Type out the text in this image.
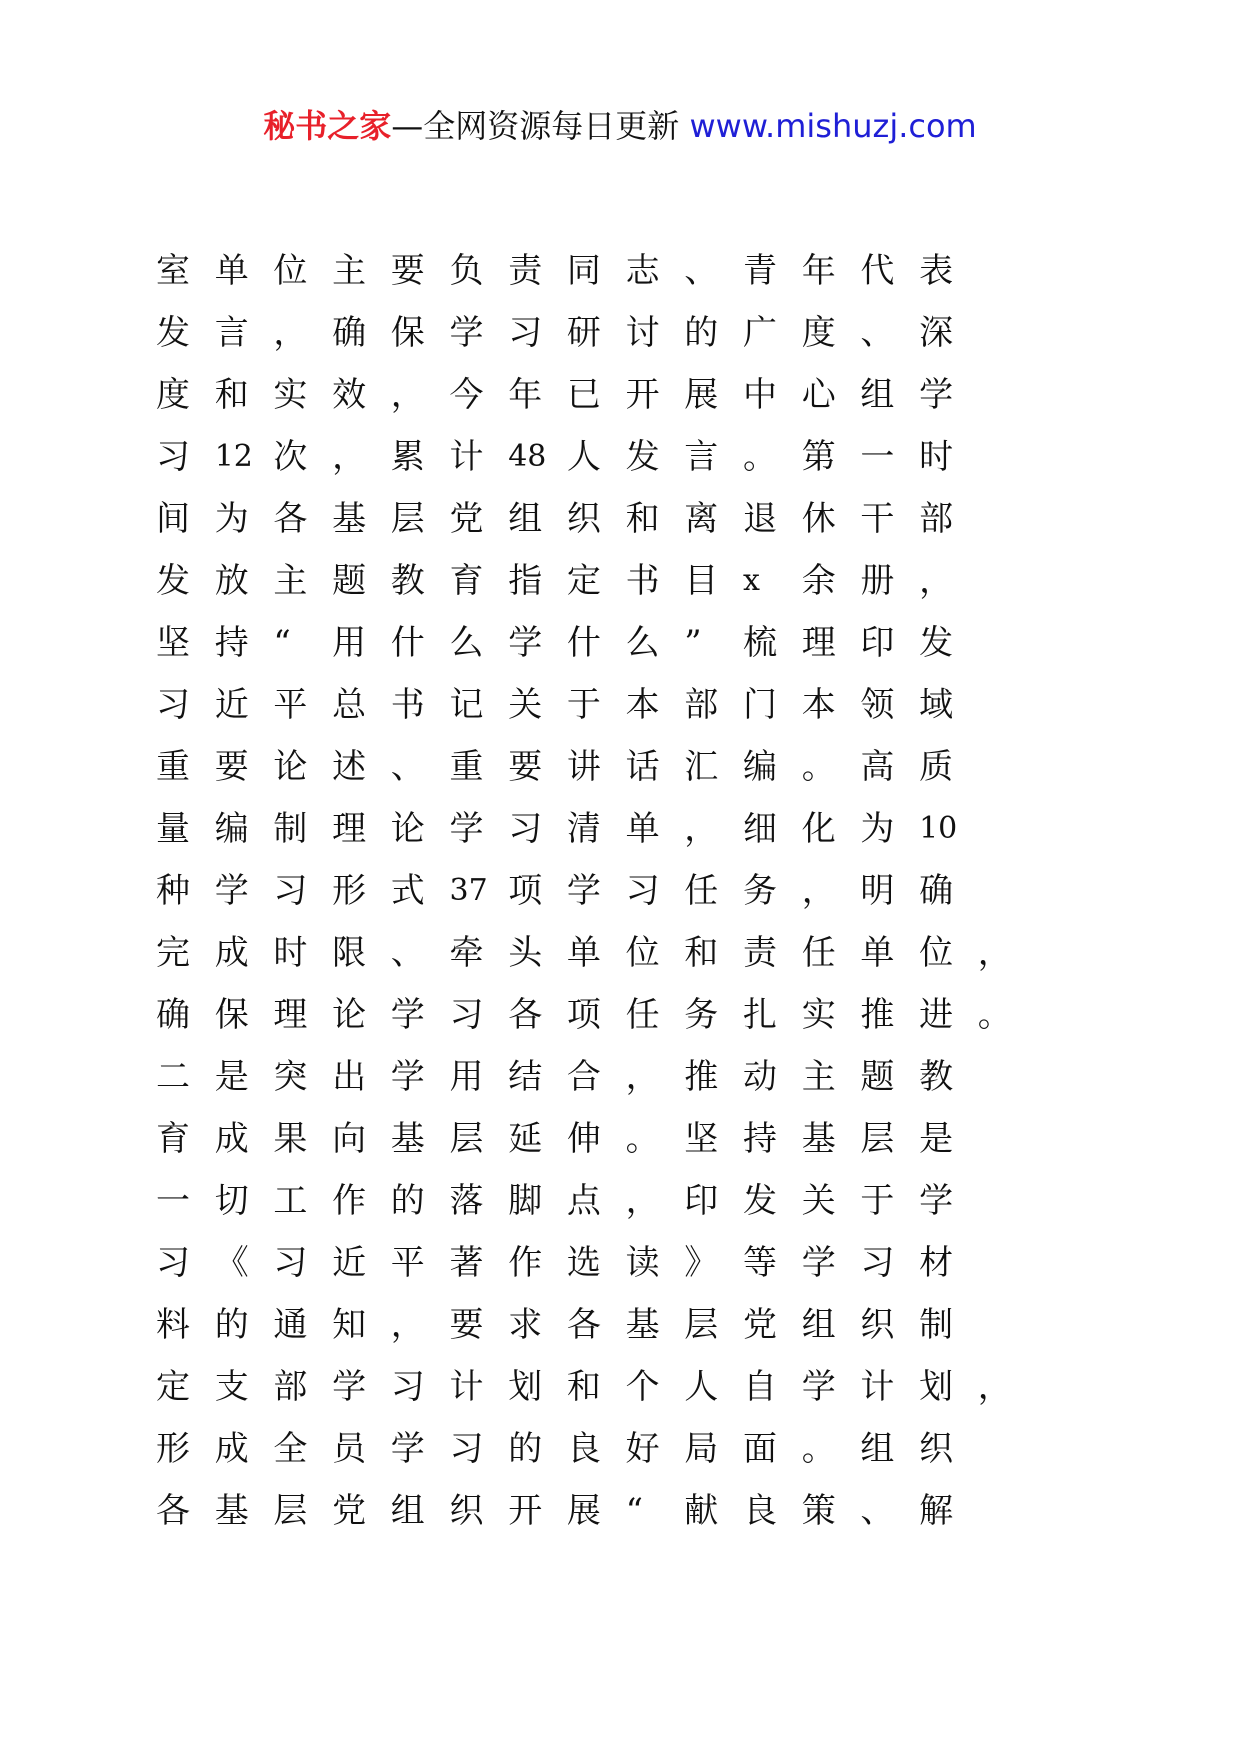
秘书之家—全网资源每日更新 www.mishuzj.com
室 单 位 主 要 负 责 同 志 、 青 年 代 表
发 言 ， 确 保 学 习 研 讨 的 广 度 、 深
度 和 实 效 ， 今 年 已 开 展 中 心 组 学
习 12 次 ， 累 计 48 人 发 言 。 第 一 时
间 为 各 基 层 党 组 织 和 离 退 休 干 部
发 放 主 题 教 育 指 定 书 目 x 余 册 ，
坚 持 “ 用 什 么 学 什 么 ” 梳 理 印 发
习 近 平 总 书 记 关 于 本 部 门 本 领 域
重 要 论 述 、 重 要 讲 话 汇 编 。 高 质
量 编 制 理 论 学 习 清 单 ， 细 化 为 10
种 学 习 形 式 37 项 学 习 任 务 ， 明 确
完 成 时 限 、 牵 头 单 位 和 责 任 单 位 ，
确 保 理 论 学 习 各 项 任 务 扎 实 推 进 。
二 是 突 出 学 用 结 合 ， 推 动 主 题 教
育 成 果 向 基 层 延 伸 。 坚 持 基 层 是
一 切 工 作 的 落 脚 点 ， 印 发 关 于 学
习 《 习 近 平 著 作 选 读 》 等 学 习 材
料 的 通 知 ， 要 求 各 基 层 党 组 织 制
定 支 部 学 习 计 划 和 个 人 自 学 计 划 ，
形 成 全 员 学 习 的 良 好 局 面 。 组 织
各 基 层 党 组 织 开 展 “ 献 良 策 、 解
